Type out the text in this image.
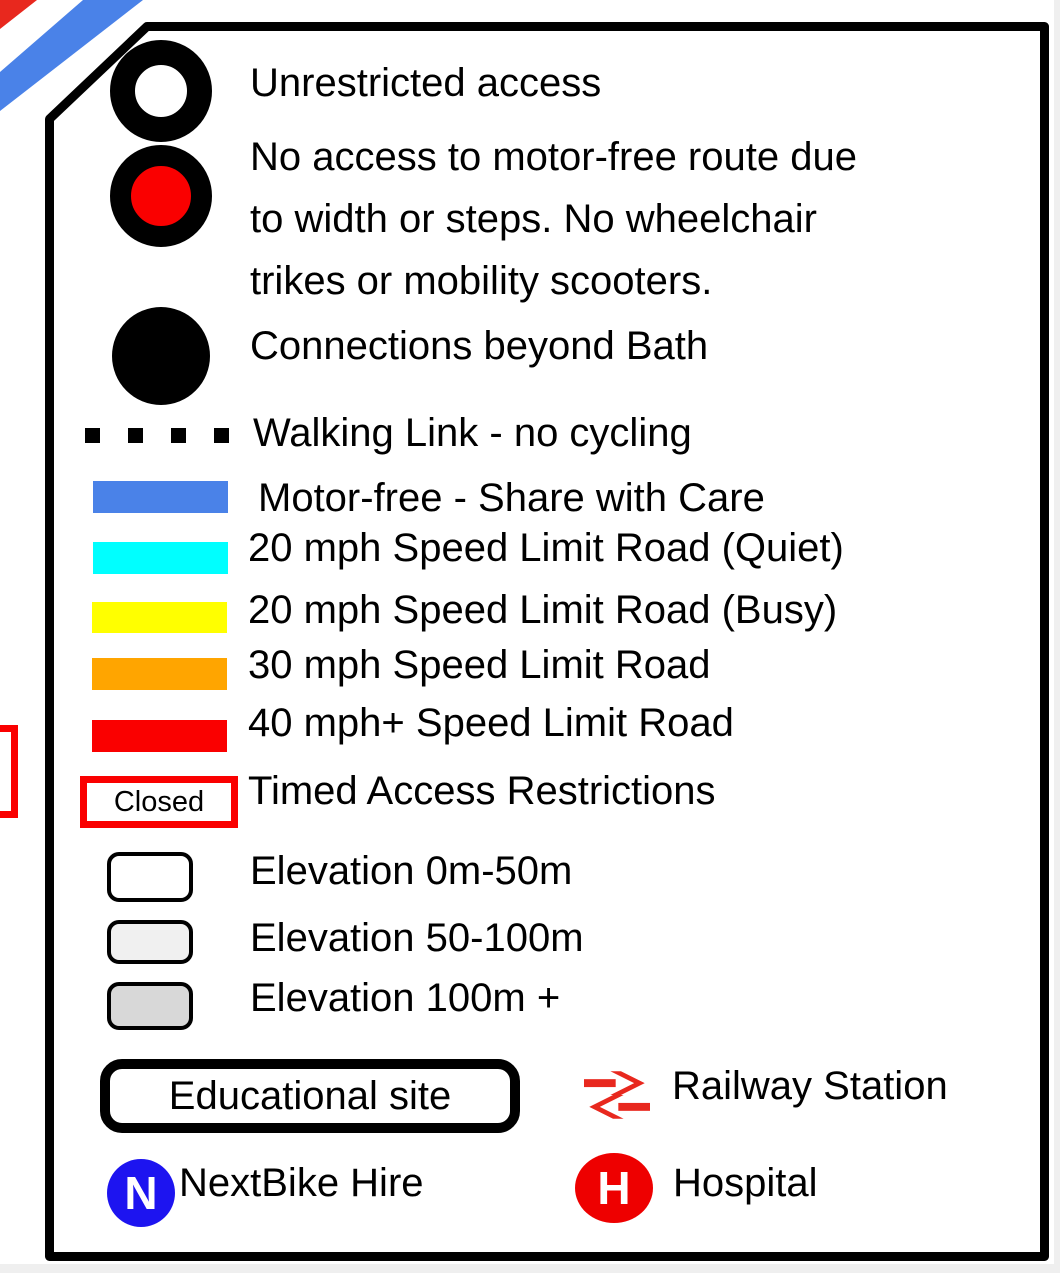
Unrestricted access
No access to motor-free route due
to width or steps. No wheelchair
trikes or mobility scooters.
Connections beyond Bath
Walking Link - no cycling
Motor-free - Share with Care
20 mph Speed Limit Road (Quiet)
20 mph Speed Limit Road (Busy)
30 mph Speed Limit Road
40 mph+ Speed Limit Road
Closed Timed Access Restrictions
Elevation 0m-50m
Elevation 50-100m
Elevation 100m +
Educational site	Railway Station
N NextBike Hire	H Hospital
